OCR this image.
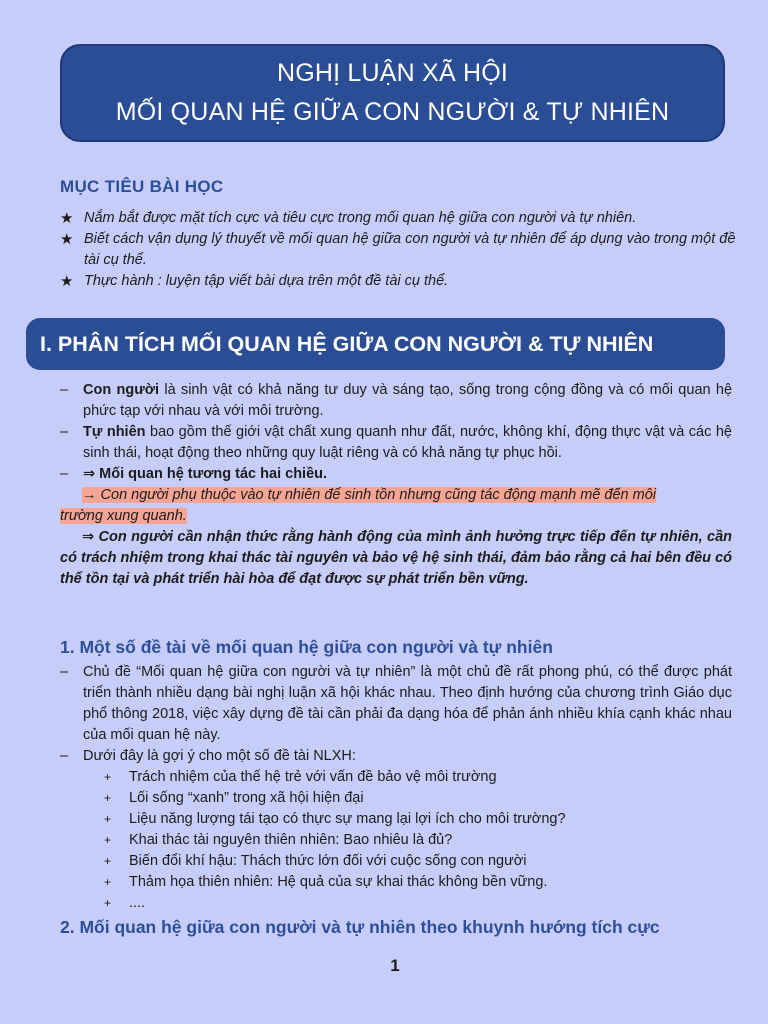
NGHỊ LUẬN XÃ HỘI
MỐI QUAN HỆ GIỮA CON NGƯỜI & TỰ NHIÊN
MỤC TIÊU BÀI HỌC
★ Nắm bắt được mặt tích cực và tiêu cực trong mối quan hệ giữa con người và tự nhiên.
★ Biết cách vận dụng lý thuyết về mối quan hệ giữa con người và tự nhiên để áp dụng vào trong một đề tài cụ thể.
★ Thực hành : luyện tập viết bài dựa trên một đề tài cụ thể.
I. PHÂN TÍCH MỐI QUAN HỆ GIỮA CON NGƯỜI & TỰ NHIÊN
–	Con người là sinh vật có khả năng tư duy và sáng tạo, sống trong cộng đồng và có mối quan hệ phức tạp với nhau và với môi trường.
–	Tự nhiên bao gồm thế giới vật chất xung quanh như đất, nước, không khí, động thực vật và các hệ sinh thái, hoạt động theo những quy luật riêng và có khả năng tự phục hồi.
–	⇒ Mối quan hệ tương tác hai chiều.
→ Con người phụ thuộc vào tự nhiên để sinh tồn nhưng cũng tác động mạnh mẽ đến môi
trường xung quanh.
⇒ Con người cần nhận thức rằng hành động của mình ảnh hưởng trực tiếp đến tự nhiên, cần có trách nhiệm trong khai thác tài nguyên và bảo vệ hệ sinh thái, đảm bảo rằng cả hai bên đều có thể tồn tại và phát triển hài hòa để đạt được sự phát triển bền vững.
1. Một số đề tài về mối quan hệ giữa con người và tự nhiên
–	Chủ đề “Mối quan hệ giữa con người và tự nhiên” là một chủ đề rất phong phú, có thể được phát triển thành nhiều dạng bài nghị luận xã hội khác nhau. Theo định hướng của chương trình Giáo dục phổ thông 2018, việc xây dựng đề tài cần phải đa dạng hóa để phản ánh nhiều khía cạnh khác nhau của mối quan hệ này.
–	Dưới đây là gợi ý cho một số đề tài NLXH:
+	Trách nhiệm của thế hệ trẻ với vấn đề bảo vệ môi trường
+	Lối sống “xanh” trong xã hội hiện đại
+	Liệu năng lượng tái tạo có thực sự mang lại lợi ích cho môi trường?
+	Khai thác tài nguyên thiên nhiên: Bao nhiêu là đủ?
+	Biến đổi khí hậu: Thách thức lớn đối với cuộc sống con người
+	Thảm họa thiên nhiên: Hệ quả của sự khai thác không bền vững.
+	....
2. Mối quan hệ giữa con người và tự nhiên theo khuynh hướng tích cực
1
